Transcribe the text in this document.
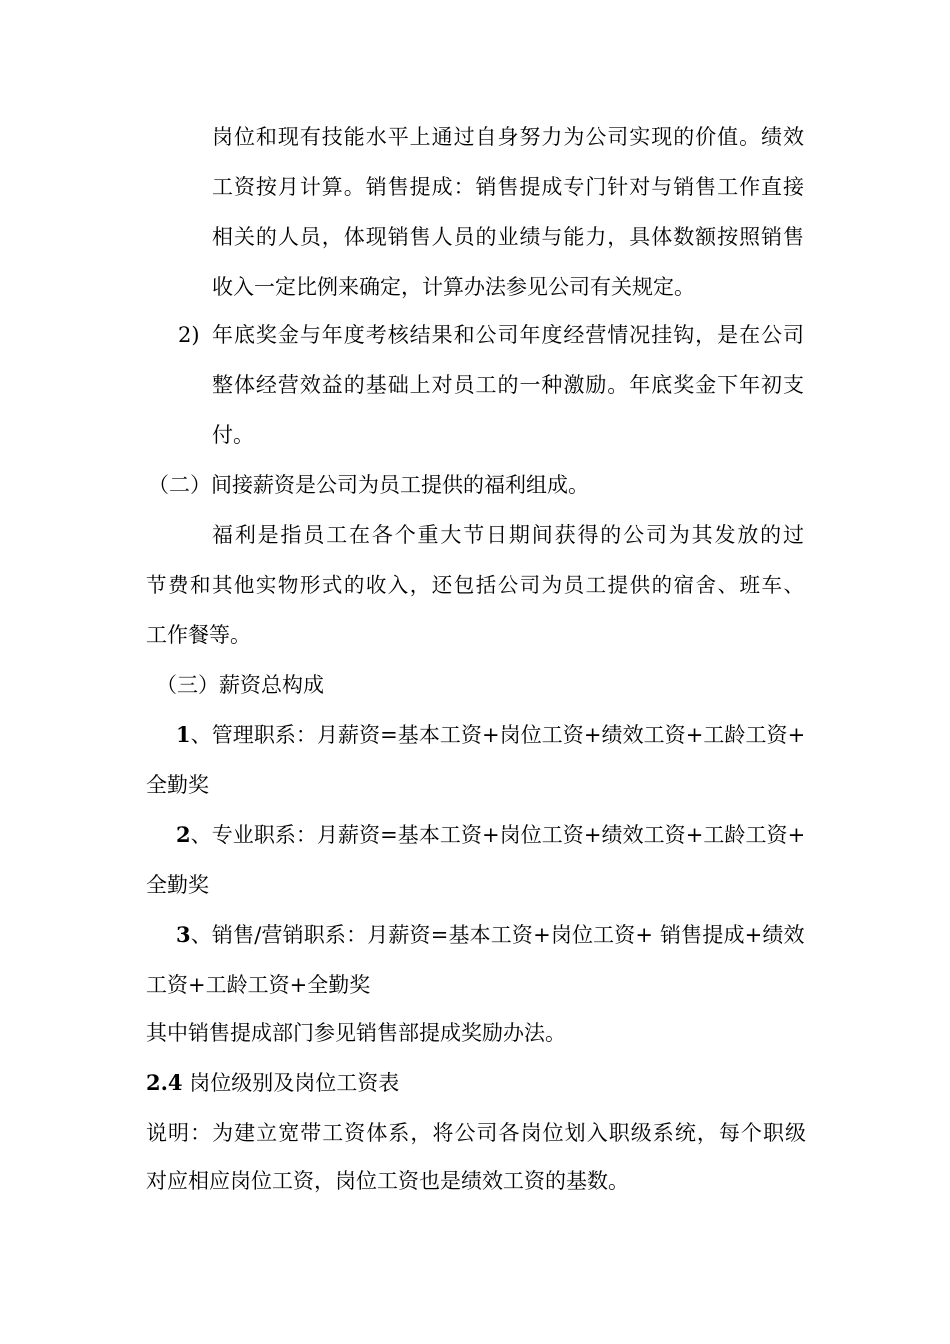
岗位和现有技能水平上通过自身努力为公司实现的价值。绩效
工资按月计算。销售提成：销售提成专门针对与销售工作直接
相关的人员，体现销售人员的业绩与能力，具体数额按照销售
收入一定比例来确定，计算办法参见公司有关规定。
2) 年底奖金与年度考核结果和公司年度经营情况挂钩，是在公司
整体经营效益的基础上对员工的一种激励。年底奖金下年初支
付。
（二）间接薪资是公司为员工提供的福利组成。
福利是指员工在各个重大节日期间获得的公司为其发放的过
节费和其他实物形式的收入，还包括公司为员工提供的宿舍、班车、
工作餐等。
（三）薪资总构成
1、管理职系：月薪资=基本工资+岗位工资+绩效工资+工龄工资+
全勤奖
2、专业职系：月薪资=基本工资+岗位工资+绩效工资+工龄工资+
全勤奖
3、销售/营销职系：月薪资=基本工资+岗位工资+ 销售提成+绩效
工资+工龄工资+全勤奖
其中销售提成部门参见销售部提成奖励办法。
2.4 岗位级别及岗位工资表
说明：为建立宽带工资体系，将公司各岗位划入职级系统，每个职级
对应相应岗位工资，岗位工资也是绩效工资的基数。
